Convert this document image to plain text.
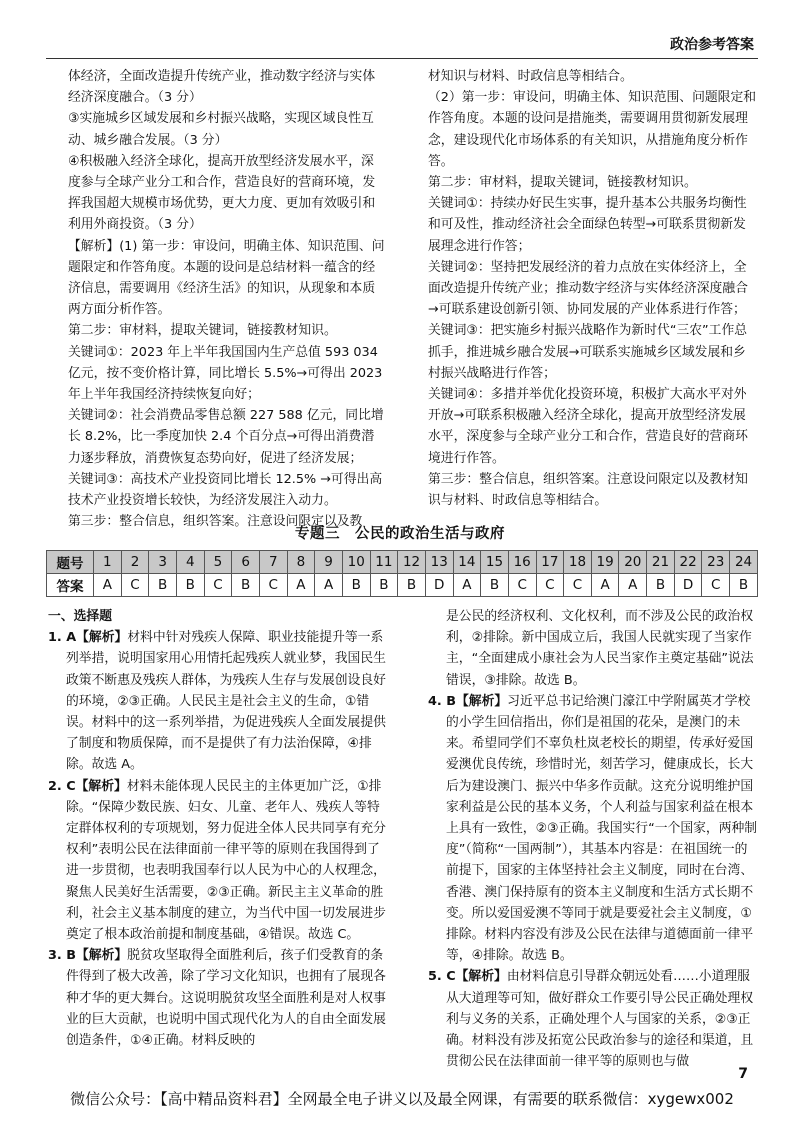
政治参考答案

体经济，全面改造提升传统产业，推动数字经济与实体经济深度融合。（3 分）

③实施城乡区域发展和乡村振兴战略，实现区域良性互动、城乡融合发展。（3 分）

④积极融入经济全球化，提高开放型经济发展水平，深度参与全球产业分工和合作，营造良好的营商环境，发挥我国超大规模市场优势，更大力度、更加有效吸引和利用外商投资。（3 分）

【解析】(1) 第一步：审设问，明确主体、知识范围、问题限定和作答角度。本题的设问是总结材料一蕴含的经济信息，需要调用《经济生活》的知识，从现象和本质两方面分析作答。

第二步：审材料，提取关键词，链接教材知识。

关键词①：2023 年上半年我国国内生产总值 593 034 亿元，按不变价格计算，同比增长 5.5%→可得出 2023 年上半年我国经济持续恢复向好；

关键词②：社会消费品零售总额 227 588 亿元，同比增长 8.2%，比一季度加快 2.4 个百分点→可得出消费潜力逐步释放，消费恢复态势向好，促进了经济发展；

关键词③：高技术产业投资同比增长 12.5% →可得出高技术产业投资增长较快，为经济发展注入动力。

第三步：整合信息，组织答案。注意设问限定以及教

材知识与材料、时政信息等相结合。

（2）第一步：审设问，明确主体、知识范围、问题限定和作答角度。本题的设问是措施类，需要调用贯彻新发展理念，建设现代化市场体系的有关知识，从措施角度分析作答。

第二步：审材料，提取关键词，链接教材知识。

关键词①：持续办好民生实事，提升基本公共服务均衡性和可及性，推动经济社会全面绿色转型→可联系贯彻新发展理念进行作答；

关键词②：坚持把发展经济的着力点放在实体经济上，全面改造提升传统产业；推动数字经济与实体经济深度融合→可联系建设创新引领、协同发展的产业体系进行作答；

关键词③：把实施乡村振兴战略作为新时代“三农”工作总抓手，推进城乡融合发展→可联系实施城乡区域发展和乡村振兴战略进行作答；

关键词④：多措并举优化投资环境，积极扩大高水平对外开放→可联系积极融入经济全球化，提高开放型经济发展水平，深度参与全球产业分工和合作，营造良好的营商环境进行作答。

第三步：整合信息，组织答案。注意设问限定以及教材知识与材料、时政信息等相结合。

专题三　公民的政治生活与政府
题号	1	2	3	4	5	6	7	8	9	10	11	12	13	14	15	16	17	18	19	20	21	22	23	24
答案	A	C	B	B	C	B	C	A	A	B	B	B	D	A	B	C	C	C	A	A	B	D	C	B

一、选择题

1. A【解析】材料中针对残疾人保障、职业技能提升等一系列举措，说明国家用心用情托起残疾人就业梦，我国民生政策不断惠及残疾人群体，为残疾人生存与发展创设良好的环境，②③正确。人民民主是社会主义的生命，①错误。材料中的这一系列举措，为促进残疾人全面发展提供了制度和物质保障，而不是提供了有力法治保障，④排除。故选 A。

2. C【解析】材料未能体现人民民主的主体更加广泛，①排除。“保障少数民族、妇女、儿童、老年人、残疾人等特定群体权利的专项规划，努力促进全体人民共同享有充分权利”表明公民在法律面前一律平等的原则在我国得到了进一步贯彻，也表明我国奉行以人民为中心的人权理念，聚焦人民美好生活需要，②③正确。新民主主义革命的胜利，社会主义基本制度的建立，为当代中国一切发展进步奠定了根本政治前提和制度基础，④错误。故选 C。

3. B【解析】脱贫攻坚取得全面胜利后，孩子们受教育的条件得到了极大改善，除了学习文化知识，也拥有了展现各种才华的更大舞台。这说明脱贫攻坚全面胜利是对人权事业的巨大贡献，也说明中国式现代化为人的自由全面发展创造条件，①④正确。材料反映的

是公民的经济权利、文化权利，而不涉及公民的政治权利，②排除。新中国成立后，我国人民就实现了当家作主，“全面建成小康社会为人民当家作主奠定基础”说法错误，③排除。故选 B。

4. B【解析】习近平总书记给澳门濠江中学附属英才学校的小学生回信指出，你们是祖国的花朵，是澳门的未来。希望同学们不辜负杜岚老校长的期望，传承好爱国爱澳优良传统，珍惜时光，刻苦学习，健康成长，长大后为建设澳门、振兴中华多作贡献。这充分说明维护国家利益是公民的基本义务，个人利益与国家利益在根本上具有一致性，②③正确。我国实行“一个国家，两种制度”（简称“一国两制”），其基本内容是：在祖国统一的前提下，国家的主体坚持社会主义制度，同时在台湾、香港、澳门保持原有的资本主义制度和生活方式长期不变。所以爱国爱澳不等同于就是要爱社会主义制度，①排除。材料内容没有涉及公民在法律与道德面前一律平等，④排除。故选 B。

5. C【解析】由材料信息引导群众朝远处看……小道理服从大道理等可知，做好群众工作要引导公民正确处理权利与义务的关系，正确处理个人与国家的关系，②③正确。材料没有涉及拓宽公民政治参与的途径和渠道，且贯彻公民在法律面前一律平等的原则也与做

7
微信公众号：【高中精品资料君】全网最全电子讲义以及最全网课，有需要的联系微信：xygewx002
